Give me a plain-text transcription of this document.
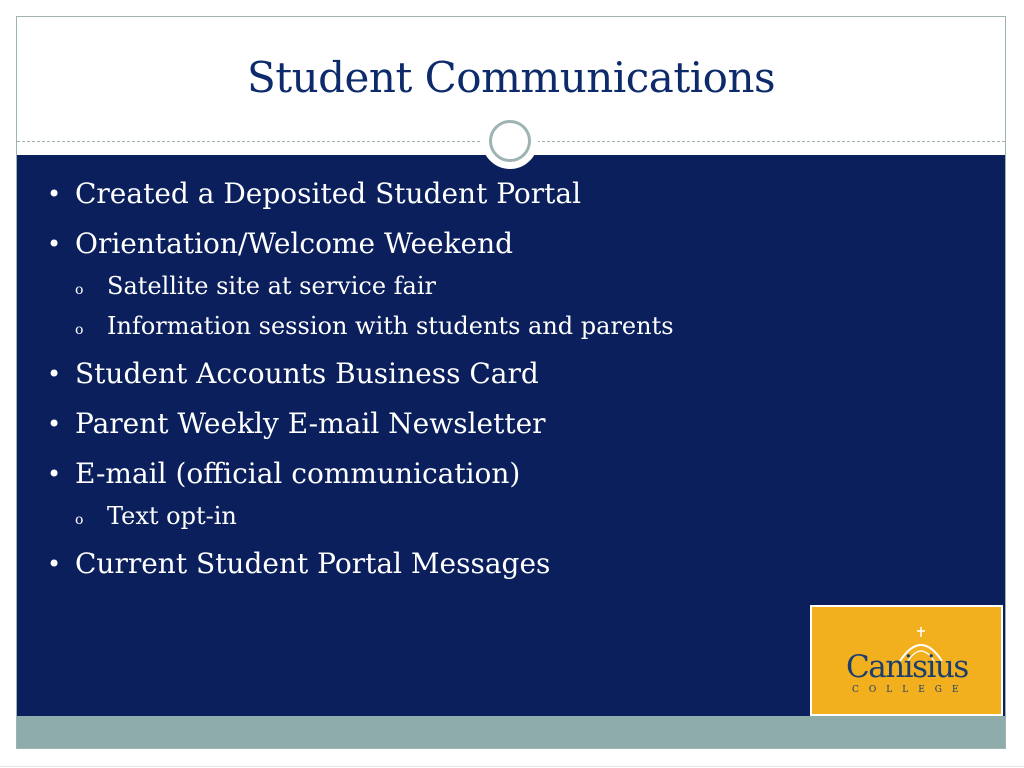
Student Communications
• Created a Deposited Student Portal
• Orientation/Welcome Weekend
o Satellite site at service fair
o Information session with students and parents
• Student Accounts Business Card
• Parent Weekly E-mail Newsletter
• E-mail (official communication)
o Text opt-in
• Current Student Portal Messages
Canisius
COLLEGE
